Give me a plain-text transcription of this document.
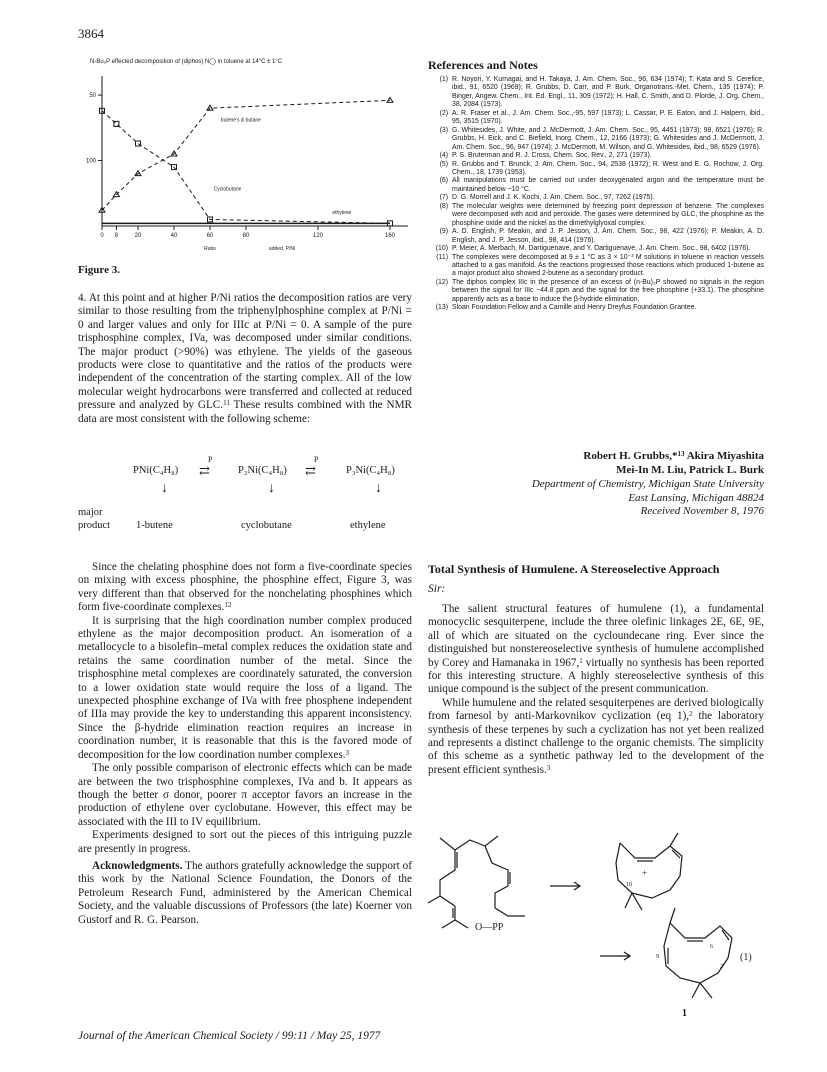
3864
N-Bu₃P effected decomposition of (diphos) N◯ in toluene at 14°C ± 1°C
100
50
0 8	20	40	60	80	120	160
Ratio	added, P/Ni
butene's & butane
Cyclobutane
ethylene
Figure 3.

4. At this point and at higher P/Ni ratios the decomposition ratios are very similar to those resulting from the triphenylphosphine complex at P/Ni = 0 and larger values and only for IIIc at P/Ni = 0. A sample of the pure trisphosphine complex, IVa, was decomposed under similar conditions. The major product (>90%) was ethylene. The yields of the gaseous products were close to quantitative and the ratios of the products were independent of the concentration of the starting complex. All of the low molecular weight hydrocarbons were transferred and collected at reduced pressure and analyzed by GLC.$^{11}$ These results combined with the NMR data are most consistent with the following scheme:

PNi(C₄H₈)
P
⇄	P₂Ni(C₄H₈)
P
⇄	P₃Ni(C₄H₈)
↓	↓	↓
major
product 1-butene	cyclobutane	ethylene

Since the chelating phosphine does not form a five-coordinate species on mixing with excess phosphine, the phosphine effect, Figure 3, was very different than that observed for the nonchelating phosphines which form five-coordinate complexes.$^{12}$

It is surprising that the high coordination number complex produced ethylene as the major decomposition product. An isomeration of a metallocycle to a bisolefin–metal complex reduces the oxidation state and retains the same coordination number of the metal. Since the trisphosphine metal complexes are coordinately saturated, the conversion to a lower oxidation state would require the loss of a ligand. The unexpected phosphine exchange of IVa with free phosphene independent of IIIa may provide the key to understanding this apparent inconsistency. Since the β-hydride elimination reaction requires an increase in coordination number, it is reasonable that this is the favored mode of decomposition for the low coordination number complexes.$^3$

The only possible comparison of electronic effects which can be made are between the two trisphosphine complexes, IVa and b. It appears as though the better σ donor, poorer π acceptor favors an increase in the production of ethylene over cyclobutane. However, this effect may be associated with the III to IV equilibrium.

Experiments designed to sort out the pieces of this intriguing puzzle are presently in progress.

Acknowledgments. The authors gratefully acknowledge the support of this work by the National Science Foundation, the Donors of the Petroleum Research Fund, administered by the American Chemical Society, and the valuable discussions of Professors (the late) Koerner von Gustorf and R. G. Pearson.

References and Notes
(1) R. Noyori, Y. Kumagai, and H. Takaya, J. Am. Chem. Soc., 96, 634 (1974); T. Kata and S. Cerefice, ibid., 91, 6520 (1969); R. Grubbs, D. Carr, and P. Burk, Organotrans.-Met. Chem., 135 (1974); P. Binger, Angew. Chem., Int. Ed. Engl., 11, 309 (1972); H. Hall, C. Smith, and D. Plorde, J. Org. Chem., 38, 2084 (1973).
(2) A. R. Fraser et al., J. Am. Chem. Soc.,-95, 597 (1973); L. Cassar, P. E. Eaton, and J. Halpern, ibid., 95, 3515 (1970).
(3) G. Whitesides, J. White, and J. McDermott, J. Am. Chem. Soc., 95, 4451 (1973); 98, 6521 (1976); R. Grubbs, H. Eick, and C. Biefield, Inorg. Chem., 12, 2166 (1973); G. Whitesides and J. McDermott, J. Am. Chem. Soc., 96, 947 (1974); J. McDermott, M. Wilson, and G. Whitesides, ibid., 98, 6529 (1976).
(4) P. S. Bruterman and R. J. Cross, Chem. Soc. Rev., 2, 271 (1973).
(5) R. Grubbs and T. Brunck, J. Am. Chem. Soc., 94, 2538 (1972); R. West and E. G. Rochow, J. Org. Chem., 18, 1739 (1953).
(6) All manipulations must be carried out under deoxygenated argon and the temperature must be maintained below −10 °C.
(7) D. G. Morrell and J. K. Kochi, J. Am. Chem. Soc., 97, 7262 (1975).
(8) The molecular weights were determined by freezing point depression of benzene. The complexes were decomposed with acid and peroxide. The gases were determined by GLC, the phosphine as the phosphine oxide and the nickel as the dimethylglyoxal complex.
(9) A. D. English, P. Meakin, and J. P. Jesson, J. Am. Chem. Soc., 98, 422 (1976); P. Meakin, A. D. English, and J. P. Jesson, ibid., 98, 414 (1976).
(10) P. Meier, A. Merbach, M. Dartiguenave, and Y. Dartiguenave, J. Am. Chem. Soc., 98, 6402 (1976).
(11) The complexes were decomposed at 9 ± 1 °C as 3 × 10⁻³ M solutions in toluene in reaction vessels attached to a gas manifold. As the reactions progressed those reactions which produced 1-butene as a major product also showed 2-butene as a secondary product.
(12) The diphos complex IIIc in the presence of an excess of (n-Bu)₃P showed no signals in the region between the signal for IIIc −44.8 ppm and the signal for the free phosphine (+33.1). The phosphine apparently acts as a base to induce the β-hydride elimination.
(13) Sloan Foundation Fellow and a Camille and Henry Dreyfus Foundation Grantee.
Robert H. Grubbs,*$^{13}$ Akira Miyashita
Mei-In M. Liu, Patrick L. Burk
Department of Chemistry, Michigan State University
East Lansing, Michigan 48824
Received November 8, 1976
Total Synthesis of Humulene. A Stereoselective Approach
Sir:

The salient structural features of humulene (1), a fundamental monocyclic sesquiterpene, include the three olefinic linkages 2E, 6E, 9E, all of which are situated on the cycloundecane ring. Ever since the distinguished but nonstereoselective synthesis of humulene accomplished by Corey and Hamanaka in 1967,$^1$ virtually no synthesis has been reported for this interesting structure. A highly stereoselective synthesis of this unique compound is the subject of the present communication.

While humulene and the related sesquiterpenes are derived biologically from farnesol by anti-Markovnikov cyclization (eq 1),$^2$ the laboratory synthesis of these terpenes by such a cyclization has not yet been realized and represents a distinct challenge to the organic chemists. The simplicity of this scheme as a synthetic pathway led to the development of the present efficient synthesis.$^3$

O—PP
10
+
6
9
2
(1)
1
Journal of the American Chemical Society / 99:11 / May 25, 1977
